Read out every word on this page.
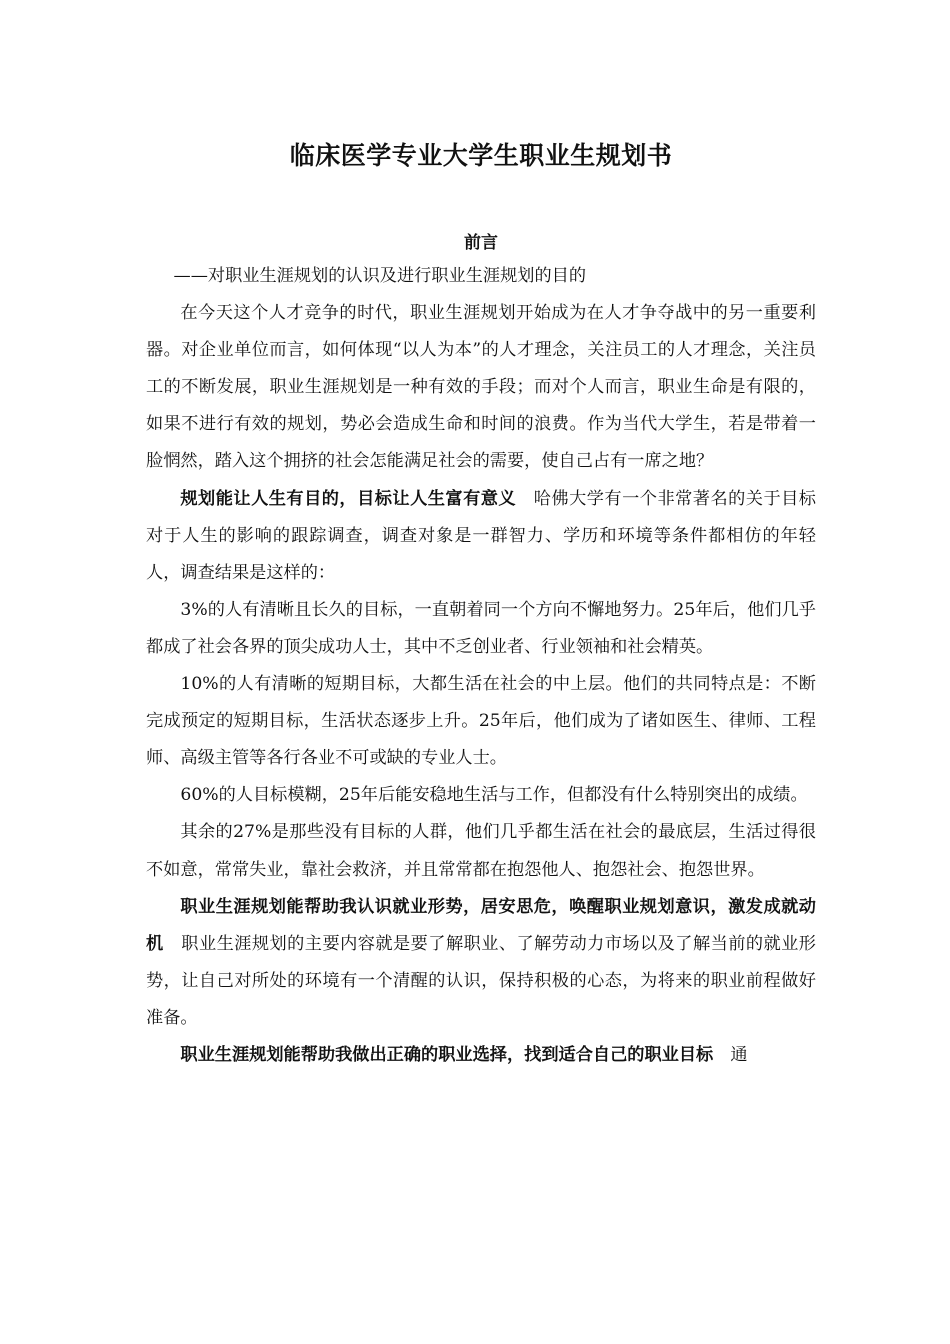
临床医学专业大学生职业生规划书
前言

——对职业生涯规划的认识及进行职业生涯规划的目的

在今天这个人才竞争的时代，职业生涯规划开始成为在人才争夺战中的另一重要利器。对企业单位而言，如何体现“以人为本”的人才理念，关注员工的人才理念，关注员工的不断发展，职业生涯规划是一种有效的手段；而对个人而言，职业生命是有限的，如果不进行有效的规划，势必会造成生命和时间的浪费。作为当代大学生，若是带着一脸惘然，踏入这个拥挤的社会怎能满足社会的需要，使自己占有一席之地？

规划能让人生有目的，目标让人生富有意义 哈佛大学有一个非常著名的关于目标对于人生的影响的跟踪调查，调查对象是一群智力、学历和环境等条件都相仿的年轻人，调查结果是这样的：

3%的人有清晰且长久的目标，一直朝着同一个方向不懈地努力。25年后，他们几乎都成了社会各界的顶尖成功人士，其中不乏创业者、行业领袖和社会精英。

10%的人有清晰的短期目标，大都生活在社会的中上层。他们的共同特点是：不断完成预定的短期目标，生活状态逐步上升。25年后，他们成为了诸如医生、律师、工程师、高级主管等各行各业不可或缺的专业人士。

60%的人目标模糊，25年后能安稳地生活与工作，但都没有什么特别突出的成绩。

其余的27%是那些没有目标的人群，他们几乎都生活在社会的最底层，生活过得很不如意，常常失业，靠社会救济，并且常常都在抱怨他人、抱怨社会、抱怨世界。

职业生涯规划能帮助我认识就业形势，居安思危，唤醒职业规划意识，激发成就动机 职业生涯规划的主要内容就是要了解职业、了解劳动力市场以及了解当前的就业形势，让自己对所处的环境有一个清醒的认识，保持积极的心态，为将来的职业前程做好准备。

职业生涯规划能帮助我做出正确的职业选择，找到适合自己的职业目标 通
